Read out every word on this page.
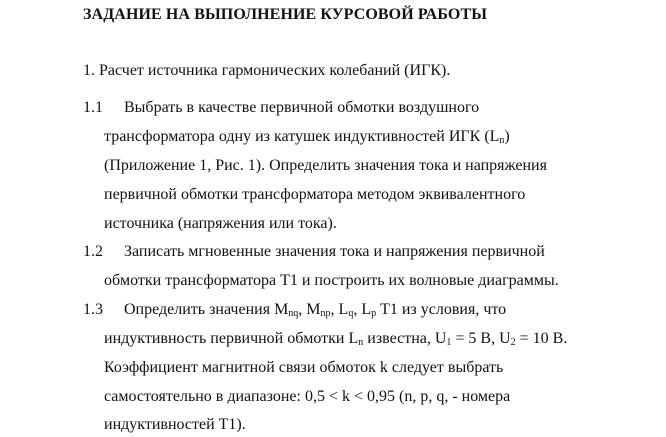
ЗАДАНИЕ НА ВЫПОЛНЕНИЕ КУРСОВОЙ РАБОТЫ
1. Расчет источника гармонических колебаний (ИГК).
1.1 Выбрать в качестве первичной обмотки воздушного
трансформатора одну из катушек индуктивностей ИГК $(L_n)$
(Приложение 1, Рис. 1). Определить значения тока и напряжения
первичной обмотки трансформатора методом эквивалентного
источника (напряжения или тока).
1.2 Записать мгновенные значения тока и напряжения первичной
обмотки трансформатора Т1 и построить их волновые диаграммы.
1.3 Определить значения $M_{nq}$, $M_{np}$, $L_q$, $L_p$ Т1 из условия, что
индуктивность первичной обмотки $L_n$ известна, $U_1 = 5$ В, $U_2 = 10$ В.
Коэффициент магнитной связи обмоток k следует выбрать
самостоятельно в диапазоне: 0,5 < k < 0,95 (n, p, q, - номера
индуктивностей Т1).
